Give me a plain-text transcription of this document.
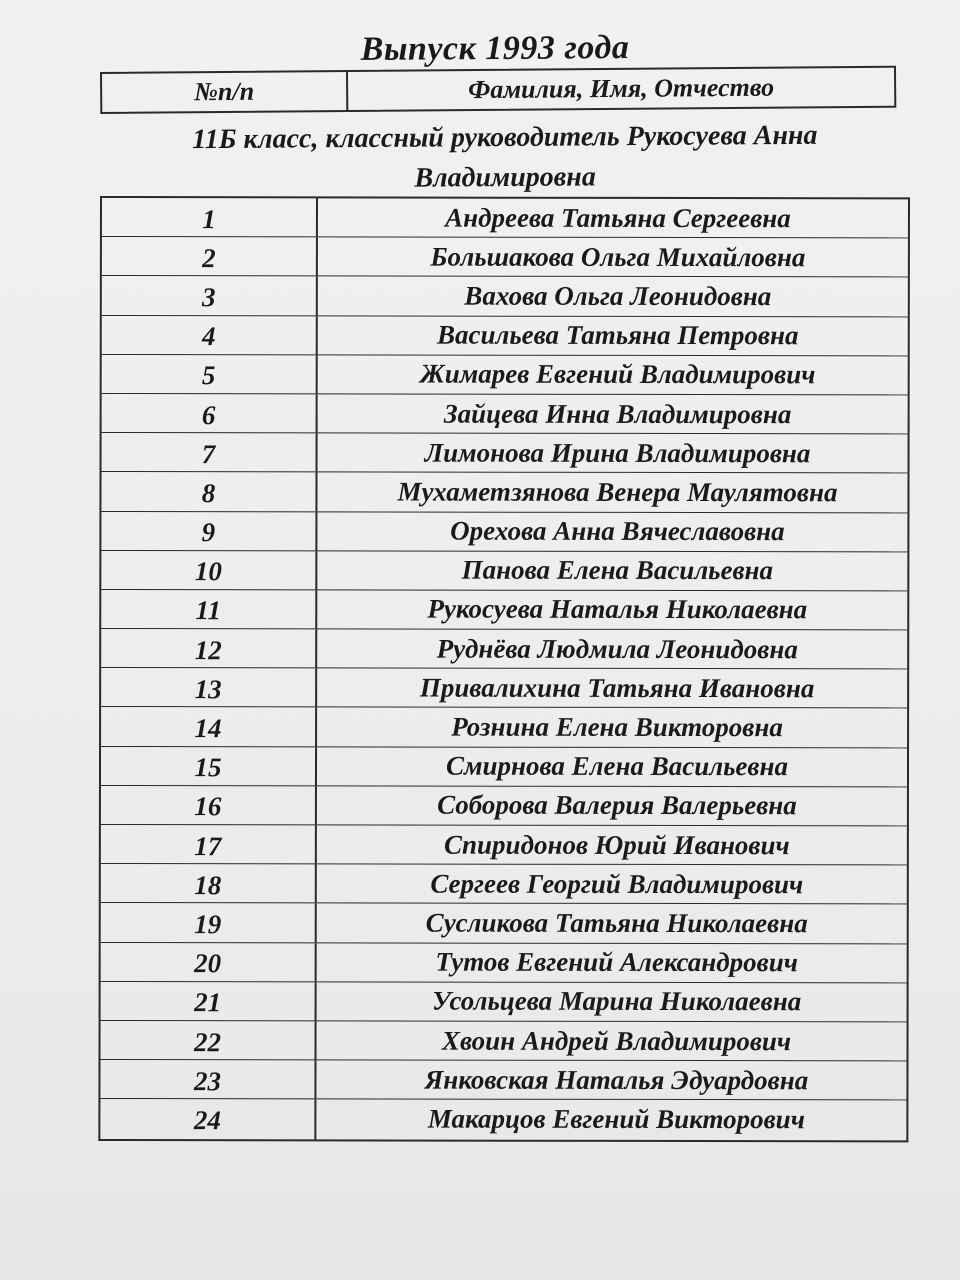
Выпуск 1993 года
№п/п	Фамилия, Имя, Отчество
11Б класс, классный руководитель Рукосуева Анна
Владимировна
1	Андреева Татьяна Сергеевна
2	Большакова Ольга Михайловна
3	Вахова Ольга Леонидовна
4	Васильева Татьяна Петровна
5	Жимарев Евгений Владимирович
6	Зайцева Инна Владимировна
7	Лимонова Ирина Владимировна
8	Мухаметзянова Венера Маулятовна
9	Орехова Анна Вячеславовна
10	Панова Елена Васильевна
11	Рукосуева Наталья Николаевна
12	Руднёва Людмила Леонидовна
13	Привалихина Татьяна Ивановна
14	Рознина Елена Викторовна
15	Смирнова Елена Васильевна
16	Соборова Валерия Валерьевна
17	Спиридонов Юрий Иванович
18	Сергеев Георгий Владимирович
19	Сусликова Татьяна Николаевна
20	Тутов Евгений Александрович
21	Усольцева Марина Николаевна
22	Хвоин Андрей Владимирович
23	Янковская Наталья Эдуардовна
24	Макарцов Евгений Викторович
